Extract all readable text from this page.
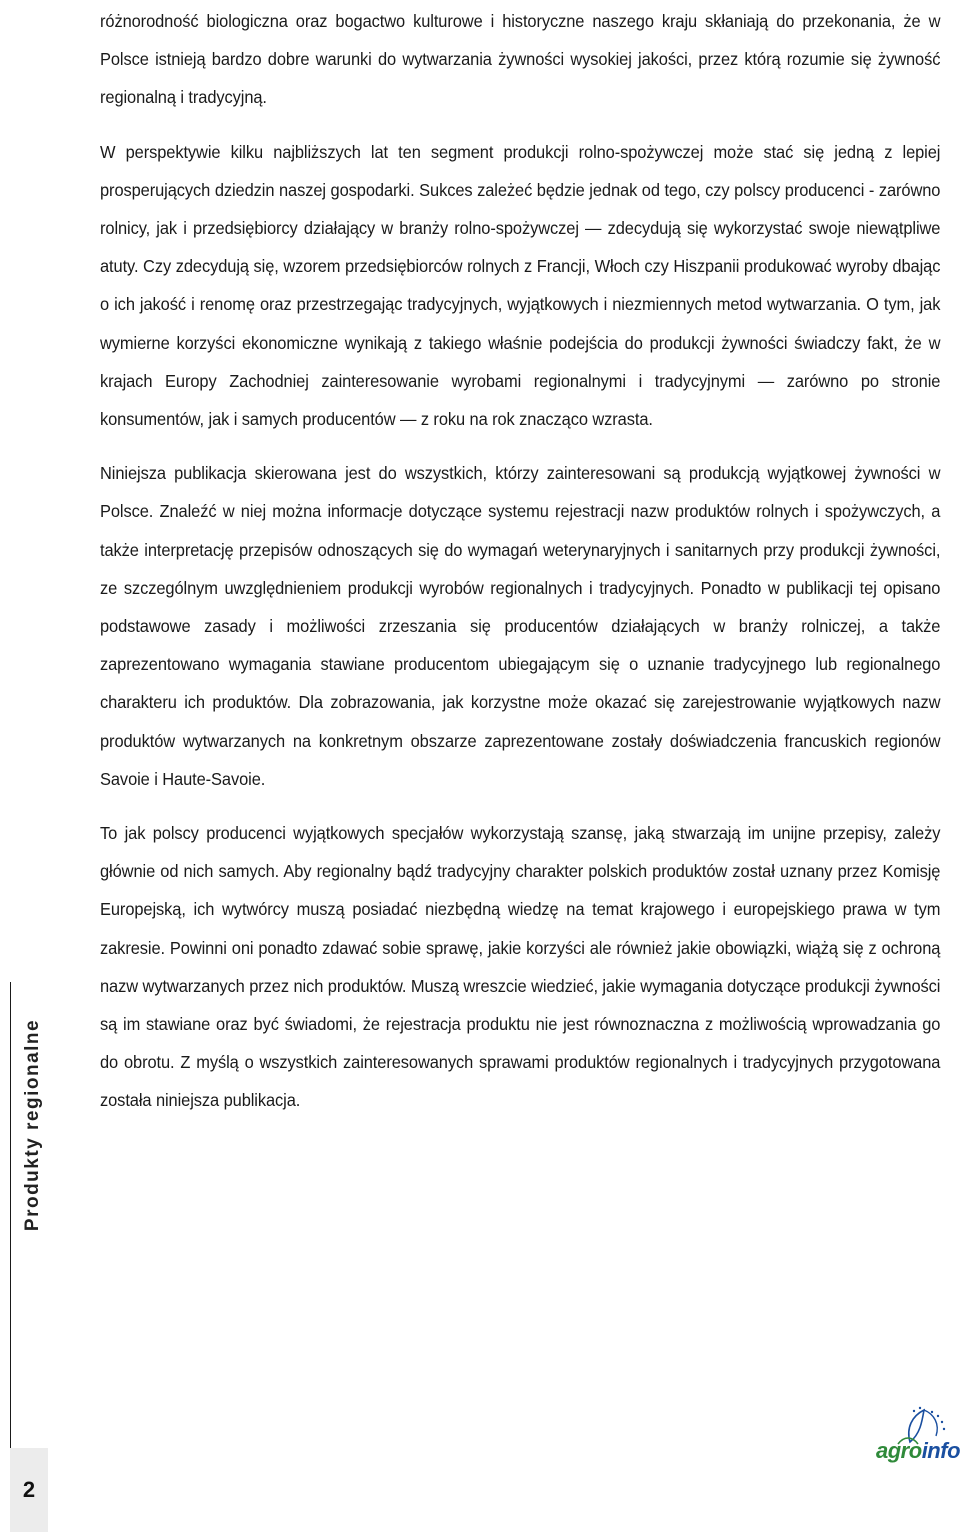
Produkty regionalne
2

różnorodność biologiczna oraz bogactwo kulturowe i historyczne naszego kraju skłaniają do przekonania, że w Polsce istnieją bardzo dobre warunki do wytwarzania żywności wysokiej jakości, przez którą rozumie się żywność regionalną i tradycyjną.

W perspektywie kilku najbliższych lat ten segment produkcji rolno-spożywczej może stać się jedną z lepiej prosperujących dziedzin naszej gospodarki. Sukces zależeć będzie jednak od tego, czy polscy producenci - zarówno rolnicy, jak i przedsiębiorcy działający w branży rolno-spożywczej — zdecydują się wykorzystać swoje niewątpliwe atuty. Czy zdecydują się, wzorem przedsiębiorców rolnych z Francji, Włoch czy Hiszpanii produkować wyroby dbając o ich jakość i renomę oraz przestrzegając tradycyjnych, wyjątkowych i niezmiennych metod wytwarzania. O tym, jak wymierne korzyści ekonomiczne wynikają z takiego właśnie podejścia do produkcji żywności świadczy fakt, że w krajach Europy Zachodniej zainteresowanie wyrobami regionalnymi i tradycyjnymi — zarówno po stronie konsumentów, jak i samych producentów — z roku na rok znacząco wzrasta.

Niniejsza publikacja skierowana jest do wszystkich, którzy zainteresowani są produkcją wyjątkowej żywności w Polsce. Znaleźć w niej można informacje dotyczące systemu rejestracji nazw produktów rolnych i spożywczych, a także interpretację przepisów odnoszących się do wymagań weterynaryjnych i sanitarnych przy produkcji żywności, ze szczególnym uwzględnieniem produkcji wyrobów regionalnych i tradycyjnych. Ponadto w publikacji tej opisano podstawowe zasady i możliwości zrzeszania się producentów działających w branży rolniczej, a także zaprezentowano wymagania stawiane producentom ubiegającym się o uznanie tradycyjnego lub regionalnego charakteru ich produktów. Dla zobrazowania, jak korzystne może okazać się zarejestrowanie wyjątkowych nazw produktów wytwarzanych na konkretnym obszarze zaprezentowane zostały doświadczenia francuskich regionów Savoie i Haute-Savoie.

To jak polscy producenci wyjątkowych specjałów wykorzystają szansę, jaką stwarzają im unijne przepisy, zależy głównie od nich samych. Aby regionalny bądź tradycyjny charakter polskich produktów został uznany przez Komisję Europejską, ich wytwórcy muszą posiadać niezbędną wiedzę na temat krajowego i europejskiego prawa w tym zakresie. Powinni oni ponadto zdawać sobie sprawę, jakie korzyści ale również jakie obowiązki, wiążą się z ochroną nazw wytwarzanych przez nich produktów. Muszą wreszcie wiedzieć, jakie wymagania dotyczące produkcji żywności są im stawiane oraz być świadomi, że rejestracja produktu nie jest równoznaczna z możliwością wprowadzania go do obrotu. Z myślą o wszystkich zainteresowanych sprawami produktów regionalnych i tradycyjnych przygotowana została niniejsza publikacja.

agroinfo
